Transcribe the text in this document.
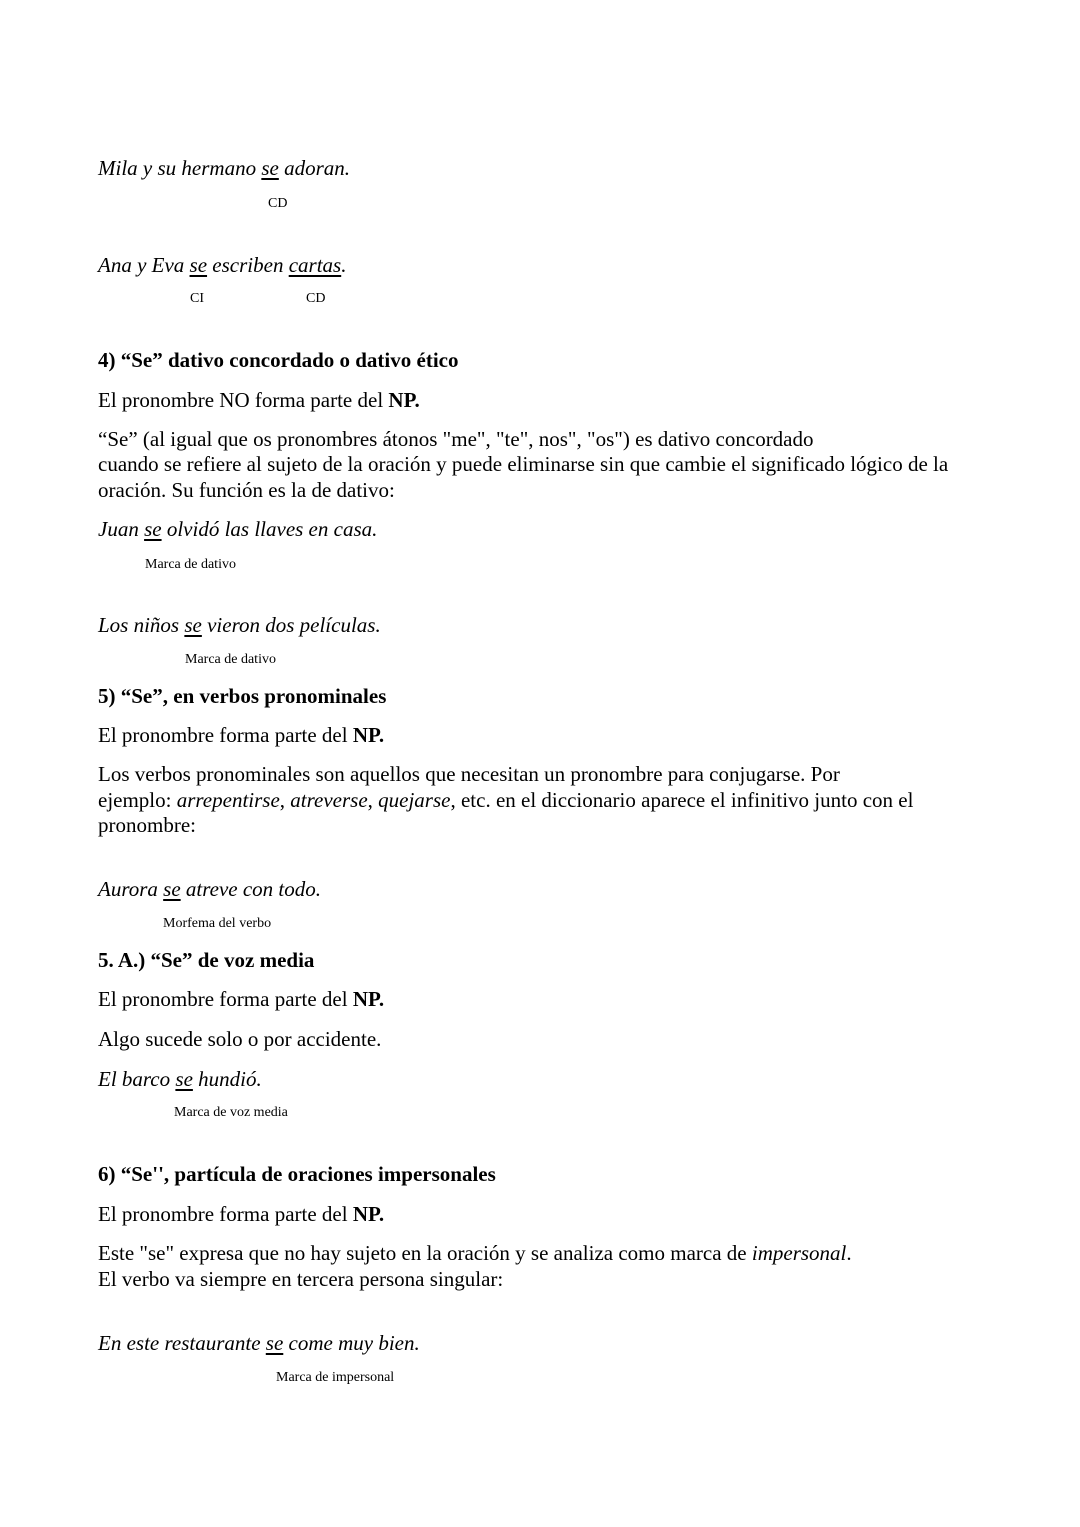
Mila y su hermano se adoran.
CD
Ana y Eva se escriben cartas.
CI	CD
4) “Se” dativo concordado o dativo ético
El pronombre NO forma parte del NP.
“Se” (al igual que os pronombres átonos "me", "te", nos", "os") es dativo concordado
cuando se refiere al sujeto de la oración y puede eliminarse sin que cambie el significado lógico de la
oración. Su función es la de dativo:
Juan se olvidó las llaves en casa.
Marca de dativo
Los niños se vieron dos películas.
Marca de dativo
5) “Se”, en verbos pronominales
El pronombre forma parte del NP.
Los verbos pronominales son aquellos que necesitan un pronombre para conjugarse. Por
ejemplo: arrepentirse, atreverse, quejarse, etc. en el diccionario aparece el infinitivo junto con el
pronombre:
Aurora se atreve con todo.
Morfema del verbo
5. A.) “Se” de voz media
El pronombre forma parte del NP.
Algo sucede solo o por accidente.
El barco se hundió.
Marca de voz media
6) “Se'', partícula de oraciones impersonales
El pronombre forma parte del NP.
Este "se" expresa que no hay sujeto en la oración y se analiza como marca de impersonal.
El verbo va siempre en tercera persona singular:
En este restaurante se come muy bien.
Marca de impersonal
